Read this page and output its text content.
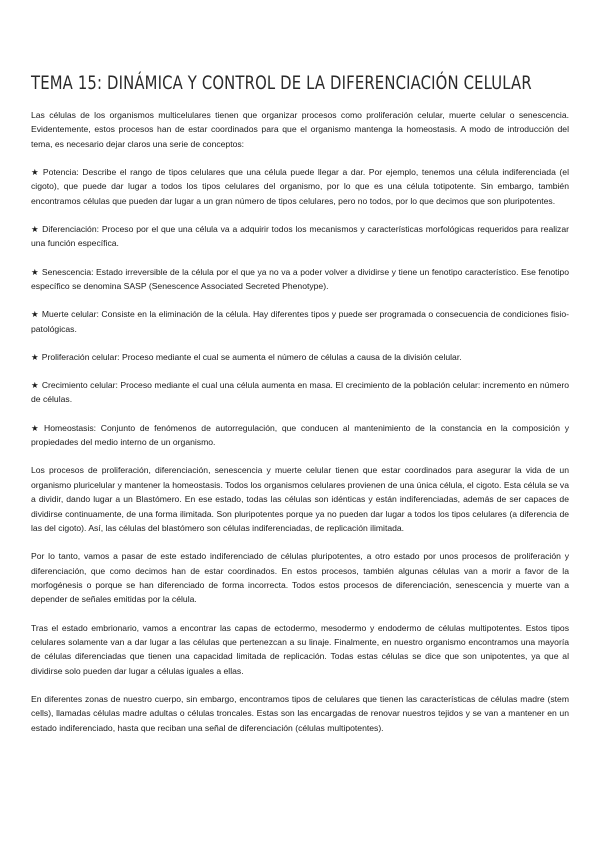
TEMA 15: DINÁMICA Y CONTROL DE LA DIFERENCIACIÓN CELULAR

Las células de los organismos multicelulares tienen que organizar procesos como proliferación celular, muerte celular o senescencia. Evidentemente, estos procesos han de estar coordinados para que el organismo mantenga la homeostasis. A modo de introducción del tema, es necesario dejar claros una serie de conceptos:

★ Potencia: Describe el rango de tipos celulares que una célula puede llegar a dar. Por ejemplo, tenemos una célula indiferenciada (el cigoto), que puede dar lugar a todos los tipos celulares del organismo, por lo que es una célula totipotente. Sin embargo, también encontramos células que pueden dar lugar a un gran número de tipos celulares, pero no todos, por lo que decimos que son pluripotentes.

★ Diferenciación: Proceso por el que una célula va a adquirir todos los mecanismos y características morfológicas requeridos para realizar una función específica.

★ Senescencia: Estado irreversible de la célula por el que ya no va a poder volver a dividirse y tiene un fenotipo característico. Ese fenotipo específico se denomina SASP (Senescence Associated Secreted Phenotype).

★ Muerte celular: Consiste en la eliminación de la célula. Hay diferentes tipos y puede ser programada o consecuencia de condiciones fisio-patológicas.

★ Proliferación celular: Proceso mediante el cual se aumenta el número de células a causa de la división celular.

★ Crecimiento celular: Proceso mediante el cual una célula aumenta en masa. El crecimiento de la población celular: incremento en número de células.

★ Homeostasis: Conjunto de fenómenos de autorregulación, que conducen al mantenimiento de la constancia en la composición y propiedades del medio interno de un organismo.

Los procesos de proliferación, diferenciación, senescencia y muerte celular tienen que estar coordinados para asegurar la vida de un organismo pluricelular y mantener la homeostasis. Todos los organismos celulares provienen de una única célula, el cigoto. Esta célula se va a dividir, dando lugar a un Blastómero. En ese estado, todas las células son idénticas y están indiferenciadas, además de ser capaces de dividirse continuamente, de una forma ilimitada. Son pluripotentes porque ya no pueden dar lugar a todos los tipos celulares (a diferencia de las del cigoto). Así, las células del blastómero son células indiferenciadas, de replicación ilimitada.

Por lo tanto, vamos a pasar de este estado indiferenciado de células pluripotentes, a otro estado por unos procesos de proliferación y diferenciación, que como decimos han de estar coordinados. En estos procesos, también algunas células van a morir a favor de la morfogénesis o porque se han diferenciado de forma incorrecta. Todos estos procesos de diferenciación, senescencia y muerte van a depender de señales emitidas por la célula.

Tras el estado embrionario, vamos a encontrar las capas de ectodermo, mesodermo y endodermo de células multipotentes. Estos tipos celulares solamente van a dar lugar a las células que pertenezcan a su linaje. Finalmente, en nuestro organismo encontramos una mayoría de células diferenciadas que tienen una capacidad limitada de replicación. Todas estas células se dice que son unipotentes, ya que al dividirse solo pueden dar lugar a células iguales a ellas.

En diferentes zonas de nuestro cuerpo, sin embargo, encontramos tipos de celulares que tienen las características de células madre (stem cells), llamadas células madre adultas o células troncales. Estas son las encargadas de renovar nuestros tejidos y se van a mantener en un estado indiferenciado, hasta que reciban una señal de diferenciación (células multipotentes).
